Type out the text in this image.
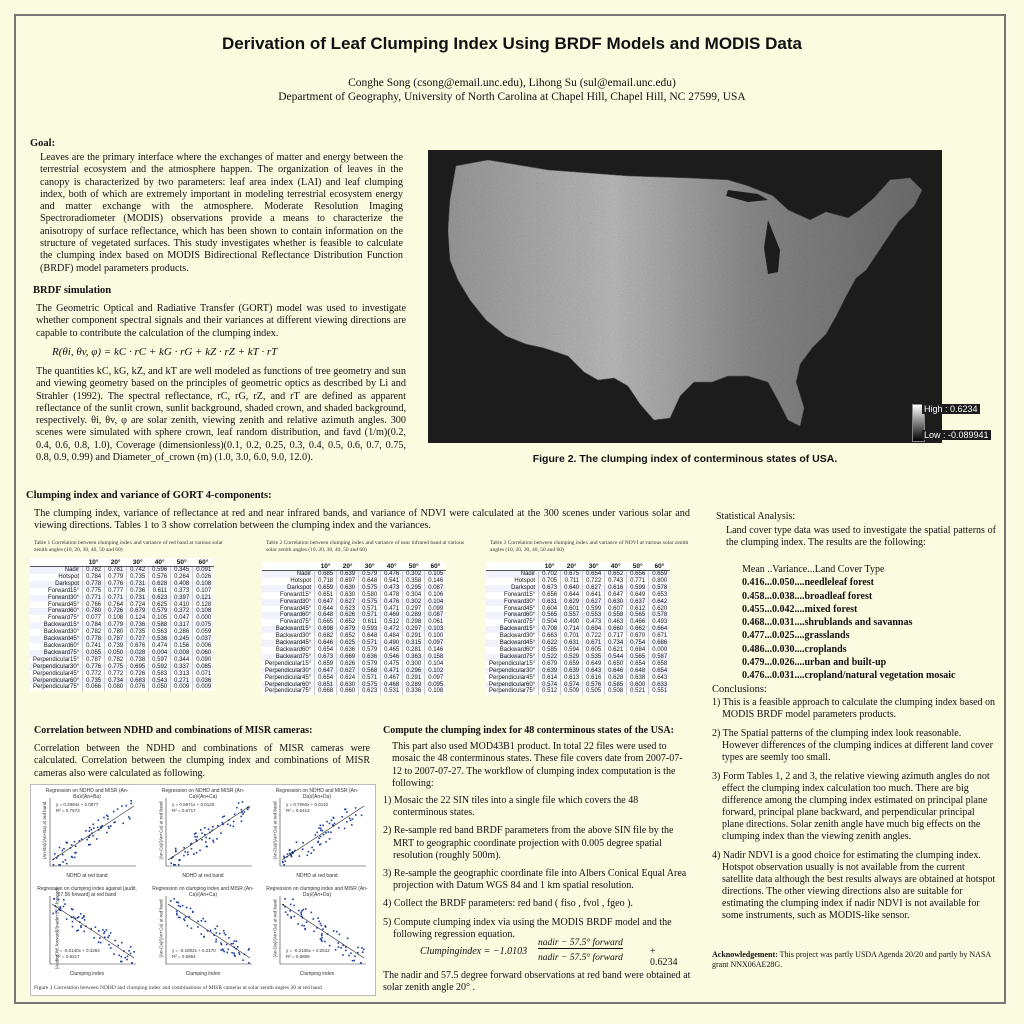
Derivation of Leaf Clumping Index Using BRDF Models and MODIS Data
Conghe Song (csong@email.unc.edu), Lihong Su (sul@email.unc.edu)
Department of Geography, University of North Carolina at Chapel Hill, Chapel Hill, NC 27599, USA
Goal:
Leaves are the primary interface where the exchanges of matter and energy between the terrestrial ecosystem and the atmosphere happen. The organization of leaves in the canopy is characterized by two parameters: leaf area index (LAI) and leaf clumping index, both of which are extremely important in modeling terrestrial ecosystem energy and matter exchange with the atmosphere. Moderate Resolution Imaging Spectroradiometer (MODIS) observations provide a means to characterize the anisotropy of surface reflectance, which has been shown to contain information on the structure of vegetated surfaces. This study investigates whether is feasible to calculate the clumping index based on MODIS Bidirectional Reflectance Distribution Function (BRDF) model parameters products.
BRDF simulation
The Geometric Optical and Radiative Transfer (GORT) model was used to investigate whether component spectral signals and their variances at different viewing directions are capable to contribute the calculation of the clumping index.
R(θi, θv, φ) = kC · rC + kG · rG + kZ · rZ + kT · rT
The quantities kC, kG, kZ, and kT are well modeled as functions of tree geometry and sun and viewing geometry based on the principles of geometric optics as described by Li and Strahler (1992). The spectral reflectance, rC, rG, rZ, and rT are defined as apparent reflectance of the sunlit crown, sunlit background, shaded crown, and shaded background, respectively. θi, θv, φ are solar zenith, viewing zenith and relative azimuth angles. 300 scenes were simulated with sphere crown, leaf random distribution, and favd (1/m)(0.2, 0.4, 0.6, 0.8, 1.0), Coverage (dimensionless)(0.1, 0.2, 0.25, 0.3, 0.4, 0.5, 0.6, 0.7, 0.75, 0.8, 0.9, 0.99) and Diameter_of_crown (m) (1.0, 3.0, 6.0, 9.0, 12.0).
High : 0.6234
Low : -0.089941
Figure 2. The clumping index of conterminous states of USA.
Clumping index and variance of GORT 4-components:
The clumping index, variance of reflectance at red and near infrared bands, and variance of NDVI were calculated at the 300 scenes under various solar and viewing directions. Tables 1 to 3 show correlation between the clumping index and the variances.
Table 1 Correlation between clumping index and variance of red band at various solar zenith angles (10, 20, 30, 40, 50 and 60)
Table 2 Correlation between clumping index and variance of near infrared band at various solar zenith angles (10, 20, 30, 40, 50 and 60)
Table 3 Correlation between clumping index and variance of NDVI at various solar zenith angles (10, 20, 30, 40, 50 and 60)
	10°	20°	30°	40°	50°	60°
Nadir	0.782	0.781	0.742	0.596	0.345	0.091
Hotspot	0.784	0.779	0.735	0.576	0.264	0.026
Darkspot	0.778	0.776	0.731	0.628	0.408	0.108
Forward15°	0.775	0.777	0.736	0.611	0.373	0.107
Forward30°	0.771	0.771	0.731	0.623	0.397	0.121
Forward45°	0.766	0.764	0.724	0.625	0.410	0.128
Forward60°	0.780	0.726	0.679	0.579	0.372	0.108
Forward75°	0.077	0.108	0.124	0.105	0.047	0.000
Backward15°	0.784	0.779	0.736	0.588	0.317	0.075
Backward30°	0.782	0.780	0.735	0.563	0.286	0.059
Backward45°	0.778	0.787	0.727	0.536	0.245	0.037
Backward60°	0.741	0.739	0.676	0.474	0.156	0.006
Backward75°	0.055	0.050	0.028	0.004	0.008	0.060
Perpendicular15°	0.787	0.782	0.738	0.597	0.344	0.090
Perpendicular30°	0.776	0.775	0.695	0.592	0.337	0.085
Perpendicular45°	0.772	0.772	0.726	0.583	0.313	0.071
Perpendicular60°	0.735	0.734	0.683	0.543	0.271	0.036
Perpendicular75°	0.066	0.080	0.076	0.050	0.009	0.009
	10°	20°	30°	40°	50°	60°
Nadir	0.685	0.639	0.579	0.476	0.302	0.105
Hotspot	0.718	0.697	0.648	0.541	0.358	0.146
Darkspot	0.659	0.630	0.575	0.473	0.295	0.087
Forward15°	0.651	0.630	0.580	0.478	0.304	0.106
Forward30°	0.647	0.627	0.575	0.476	0.302	0.104
Forward45°	0.644	0.623	0.571	0.471	0.297	0.099
Forward60°	0.648	0.626	0.571	0.469	0.289	0.087
Forward75°	0.665	0.652	0.611	0.512	0.298	0.061
Backward15°	0.698	0.679	0.593	0.472	0.297	0.103
Backward30°	0.682	0.652	0.648	0.484	0.291	0.100
Backward45°	0.646	0.625	0.571	0.490	0.315	0.097
Backward60°	0.654	0.636	0.579	0.465	0.281	0.146
Backward75°	0.673	0.669	0.636	0.546	0.363	0.158
Perpendicular15°	0.659	0.626	0.579	0.475	0.300	0.104
Perpendicular30°	0.647	0.627	0.568	0.471	0.296	0.102
Perpendicular45°	0.654	0.624	0.571	0.467	0.291	0.097
Perpendicular60°	0.651	0.630	0.575	0.468	0.289	0.095
Perpendicular75°	0.668	0.660	0.623	0.531	0.336	0.108
	10°	20°	30°	40°	50°	60°
Nadir	0.702	0.675	0.654	0.652	0.656	0.659
Hotspot	0.705	0.711	0.722	0.743	0.771	0.800
Darkspot	0.673	0.640	0.627	0.616	0.599	0.578
Forward15°	0.656	0.644	0.641	0.647	0.649	0.653
Forward30°	0.631	0.629	0.627	0.630	0.637	0.642
Forward45°	0.604	0.601	0.599	0.607	0.612	0.620
Forward60°	0.565	0.557	0.553	0.558	0.565	0.578
Forward75°	0.504	0.490	0.473	0.463	0.466	0.493
Backward15°	0.708	0.714	0.694	0.660	0.662	0.664
Backward30°	0.663	0.701	0.722	0.717	0.670	0.671
Backward45°	0.622	0.631	0.671	0.734	0.754	0.686
Backward60°	0.585	0.594	0.605	0.621	0.684	0.000
Backward75°	0.522	0.529	0.535	0.544	0.565	0.587
Perpendicular15°	0.679	0.659	0.649	0.650	0.654	0.658
Perpendicular30°	0.639	0.639	0.643	0.646	0.648	0.654
Perpendicular45°	0.614	0.613	0.616	0.628	0.638	0.643
Perpendicular60°	0.574	0.574	0.576	0.585	0.600	0.633
Perpendicular75°	0.512	0.509	0.505	0.508	0.521	0.551
Statistical Analysis:
Land cover type data was used to investigate the spatial patterns of the clumping index. The results are the following:
Mean ..Variance...Land Cover Type
0.416...0.050....needleleaf forest
0.458...0.038....broadleaf forest
0.455...0.042....mixed forest
0.468...0.031....shrublands and savannas
0.477...0.025....grasslands
0.486...0.030....croplands
0.479...0.026....urban and built-up
0.476...0.031....cropland/natural vegetation mosaic
Conclusions:
1) This is a feasible approach to calculate the clumping index based on MODIS BRDF model parameters products.
2) The Spatial patterns of the clumping index look reasonable. However differences of the clumping indices at different land cover types are seemly too small.
3) Form Tables 1, 2 and 3, the relative viewing azimuth angles do not effect the clumping index calculation too much. There are big difference among the clumping index estimated on principal plane forward, principal plane backward, and perpendicular principal plane directions. Solar zenith angle have much big effects on the clumping index than the viewing zenith angles.
4) Nadir NDVI is a good choice for estimating the clumping index. Hotspot observation usually is not available from the current satellite data although the best results always are obtained at hotspot directions. The other viewing directions also are suitable for estimating the clumping index if nadir NDVI is not available for some instruments, such as MODIS-like sensor.
Acknowledgement: This project was partly USDA Agenda 20/20 and partly by NASA grant NNX06AE28G.
Correlation between NDHD and combinations of MISR cameras:
Correlation between the NDHD and combinations of MISR cameras were calculated. Correlation between the clumping index and combinations of MISR cameras also were calculated as following.
Regression on NDHD and MISR (An-Ba)/(An+Ba)
NDHD at red band
(An-Ba)/(An+Ba) at red band y = 0.2994x + 0.0877
R² = 0.7673
Regression on NDHD and MISR (An-Ca)/(An+Ca)
NDHD at red band
(An-Ca)/(An+Ca) at red band y = 0.5971x + 0.0120
R² = 0.6717
Regression on NDHD and MISR (An-Da)/(An+Da)
NDHD at red band
(An-Da)/(An+Da) at red band y = 0.7060x + 0.0110
R² = 0.6413
Regression on clumping index against [audit, 57.56 forward] at red band
Clumping index
(Audit-57.5 forward)/(nadir+57.5 forward)
y = -0.0140x + 0.4284
R² = 0.6217
Regression on clumping index and MISR (An-Ca)/(An+Ca)
Clumping index
(An-Ca)/(An+Ca) at red band y = -0.1802x + 0.2170
R² = 0.5964
Regression on clumping index and MISR (An-Da)/(An+Da)
Clumping index
(An-Da)/(An+Da) at red band y = -0.2106x + 0.2512
R² = 0.6806
Figure 1 Correlation between NDHD and clumping index and combinations of MISR cameras at solar zenith angles 30 at red band
Compute the clumping index for 48 conterminous states of the USA:
This part also used MOD43B1 product. In total 22 files were used to mosaic the 48 conterminous states. These file covers date from 2007-07-12 to 2007-07-27. The workflow of clumping index computation is the following:
1) Mosaic the 22 SIN tiles into a single file which covers the 48 conterminous states.
2) Re-sample red band BRDF parameters from the above SIN file by the MRT to geographic coordinate projection with 0.005 degree spatial resolution (roughly 500m).
3) Re-sample the geographic coordinate file into Albers Conical Equal Area projection with Datum WGS 84 and 1 km spatial resolution.
4) Collect the BRDF parameters: red band ( fiso , fvol , fgeo ).
5) Compute clumping index via using the MODIS BRDF model and the following regression equation.
Clumpingindex = −1.0103
nadir − 57.5° forward
nadir − 57.5° forward
+ 0.6234
The nadir and 57.5 degree forward observations at red band were obtained at solar zenith angle 20° .
